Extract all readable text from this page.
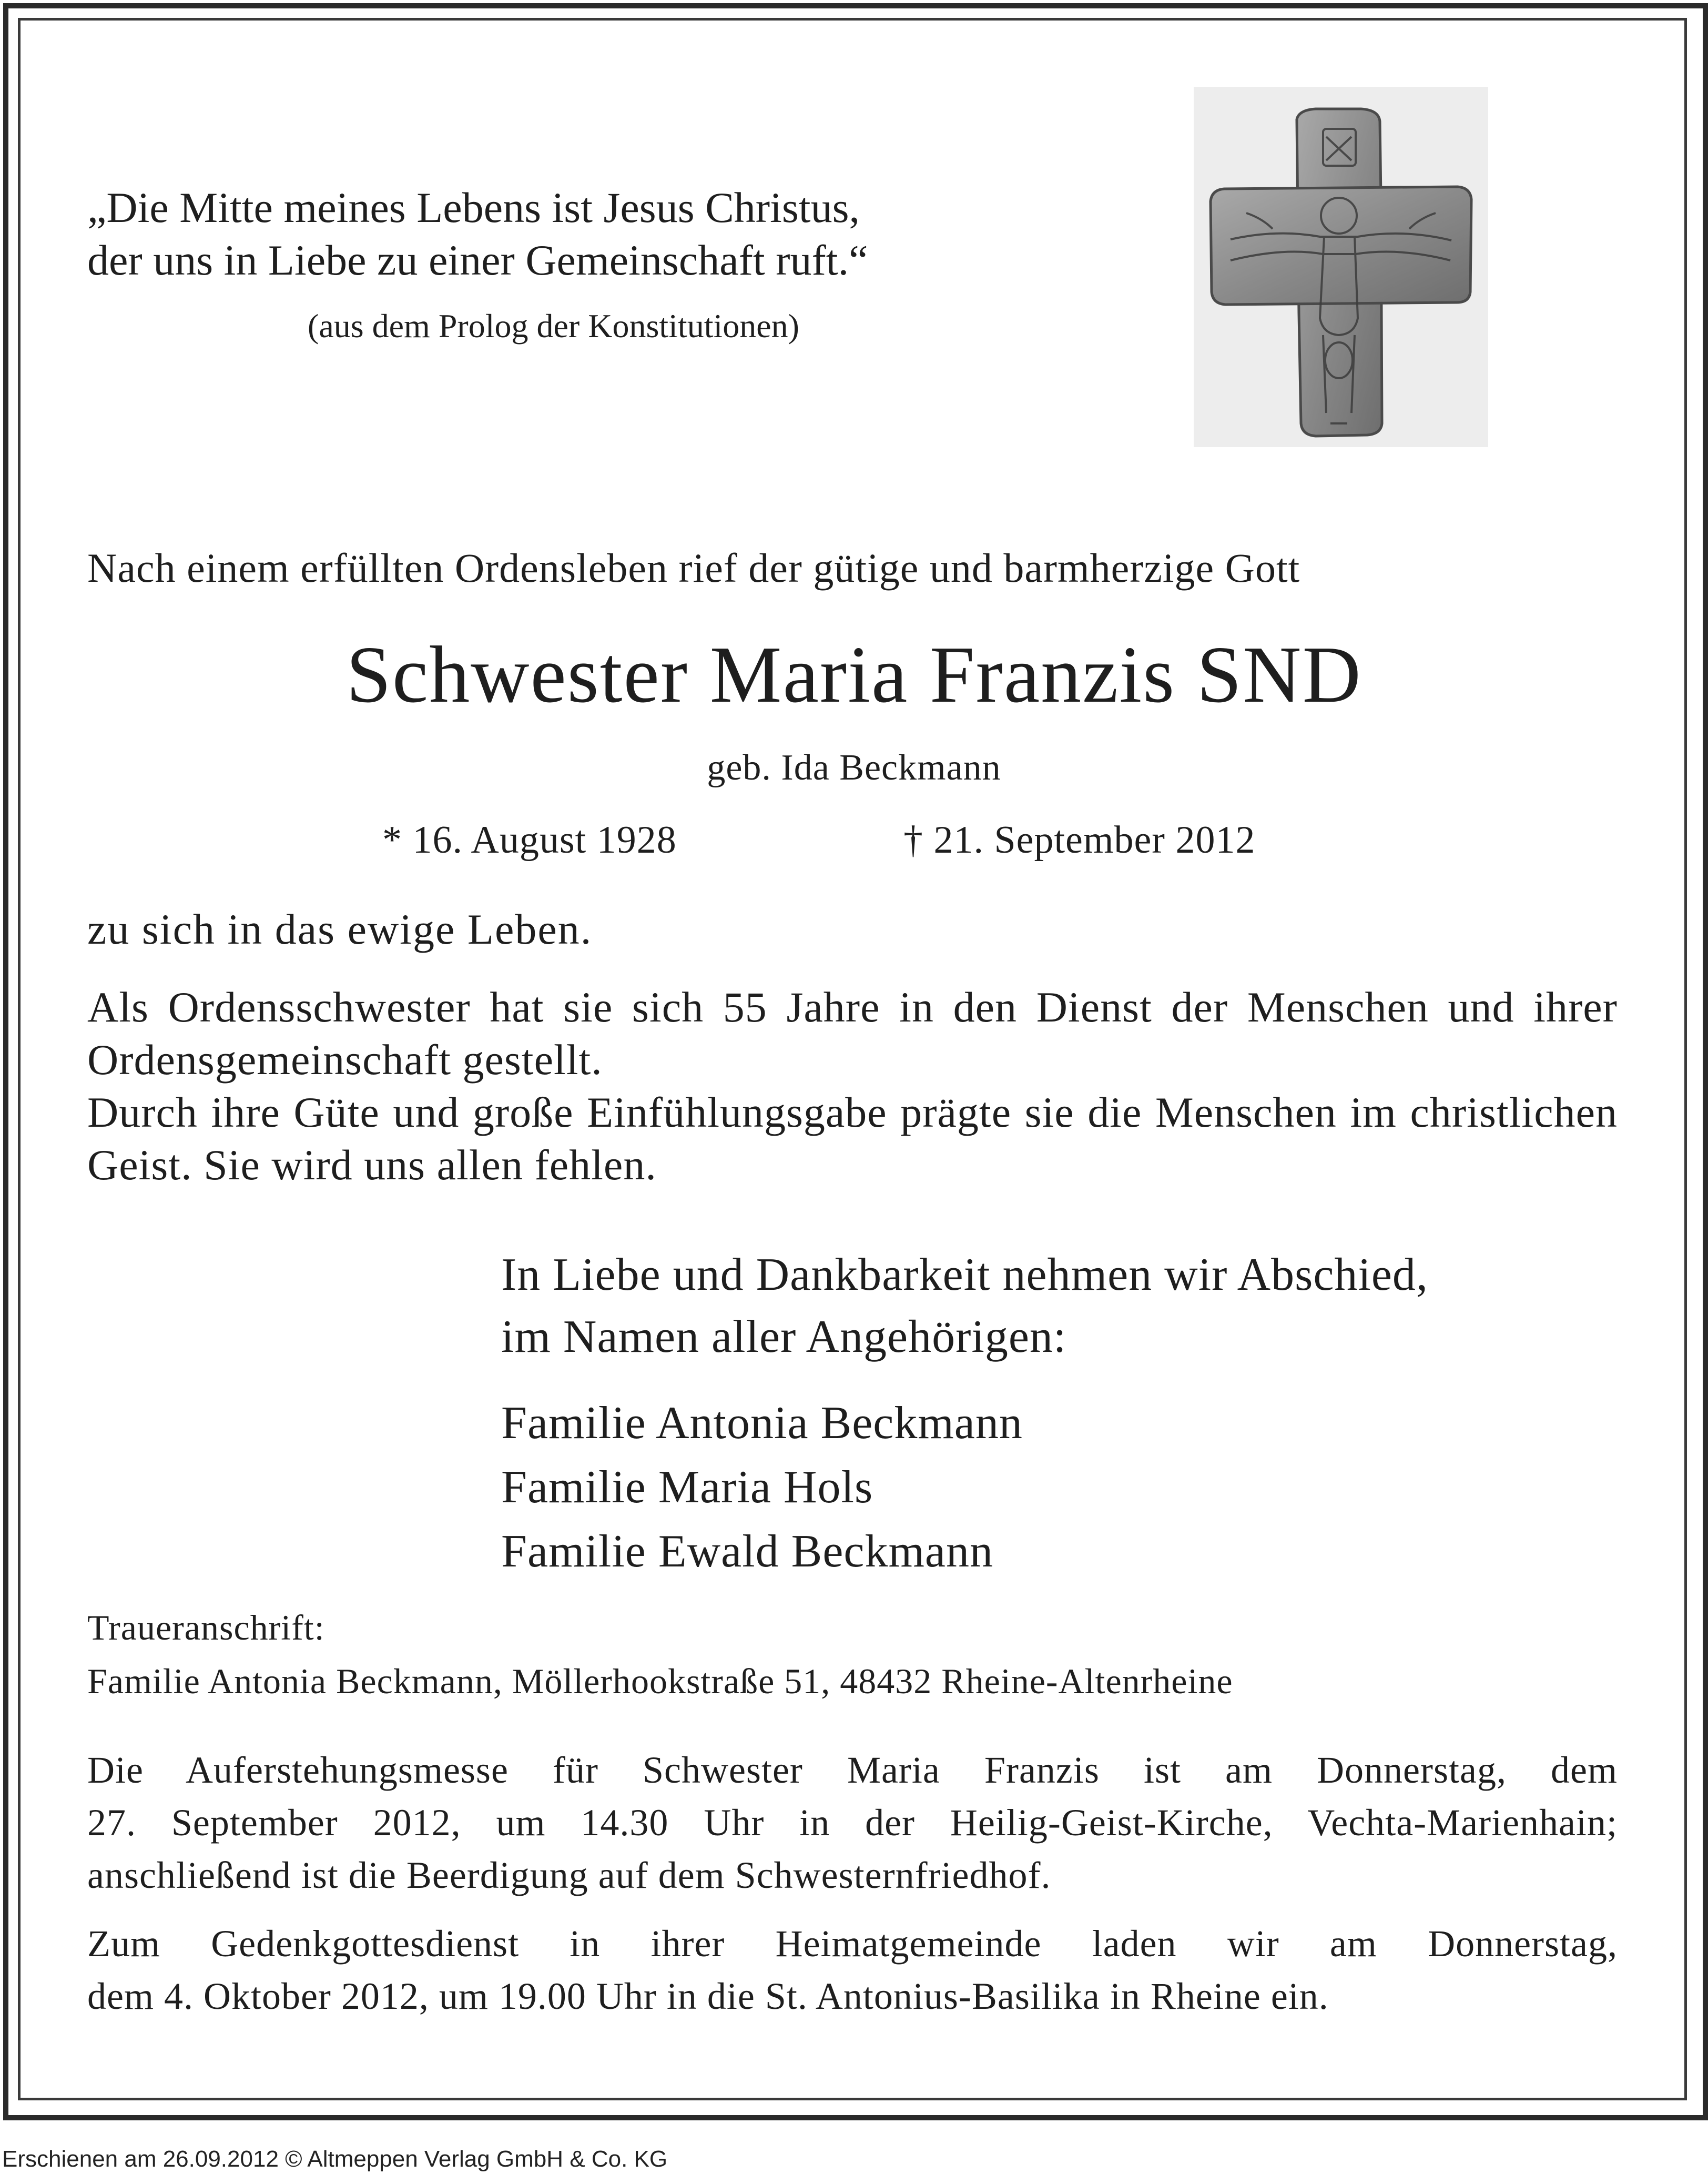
„Die Mitte meines Lebens ist Jesus Christus,
der uns in Liebe zu einer Gemeinschaft ruft.“
(aus dem Prolog der Konstitutionen)
Nach einem erfüllten Ordensleben rief der gütige und barmherzige Gott
Schwester Maria Franzis SND
geb. Ida Beckmann
* 16. August 1928	† 21. September 2012
zu sich in das ewige Leben.

Als Ordensschwester hat sie sich 55 Jahre in den Dienst der Menschen und ihrer Ordensgemeinschaft gestellt.

Durch ihre Güte und große Einfühlungsgabe prägte sie die Menschen im christlichen Geist. Sie wird uns allen fehlen.

In Liebe und Dankbarkeit nehmen wir Abschied,
im Namen aller Angehörigen:
Familie Antonia Beckmann
Familie Maria Hols
Familie Ewald Beckmann
Traueranschrift:
Familie Antonia Beckmann, Möllerhookstraße 51, 48432 Rheine-Altenrheine
Die Auferstehungsmesse für Schwester Maria Franzis ist am Donnerstag, dem
27. September 2012, um 14.30 Uhr in der Heilig-Geist-Kirche, Vechta-Marienhain;
anschließend ist die Beerdigung auf dem Schwesternfriedhof.
Zum Gedenkgottesdienst in ihrer Heimatgemeinde laden wir am Donnerstag,
dem 4. Oktober 2012, um 19.00 Uhr in die St. Antonius-Basilika in Rheine ein.
Erschienen am 26.09.2012 © Altmeppen Verlag GmbH & Co. KG
